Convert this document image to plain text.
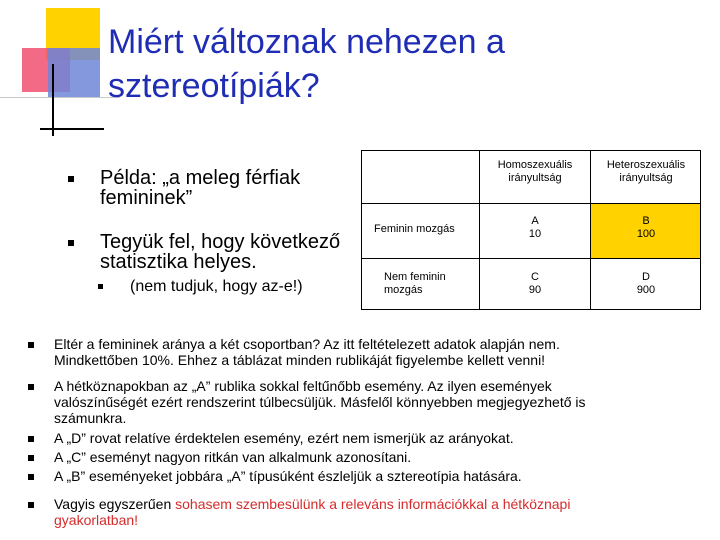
Miért változnak nehezen a
sztereotípiák?
Példa: „a meleg férfiak
femininek”
Tegyük fel, hogy következő
statisztika helyes.
(nem tudjuk, hogy az-e!)
Homoszexuális
irányultság
Heteroszexuális
irányultság
Feminin mozgás
A
10
B
100
Nem feminin
mozgás
C
90
D
900
Eltér a femininek aránya a két csoportban? Az itt feltételezett adatok alapján nem.
Mindkettőben 10%. Ehhez a táblázat minden rublikáját figyelembe kellett venni!
A hétköznapokban az „A” rublika sokkal feltűnőbb esemény. Az ilyen események
valószínűségét ezért rendszerint túlbecsüljük. Másfelől könnyebben megjegyezhető is
számunkra.
A „D” rovat relatíve érdektelen esemény, ezért nem ismerjük az arányokat.
A „C” eseményt nagyon ritkán van alkalmunk azonosítani.
A „B” eseményeket jobbára „A” típusúként észleljük a sztereotípia hatására.
Vagyis egyszerűen sohasem szembesülünk a releváns információkkal a hétköznapi
gyakorlatban!
